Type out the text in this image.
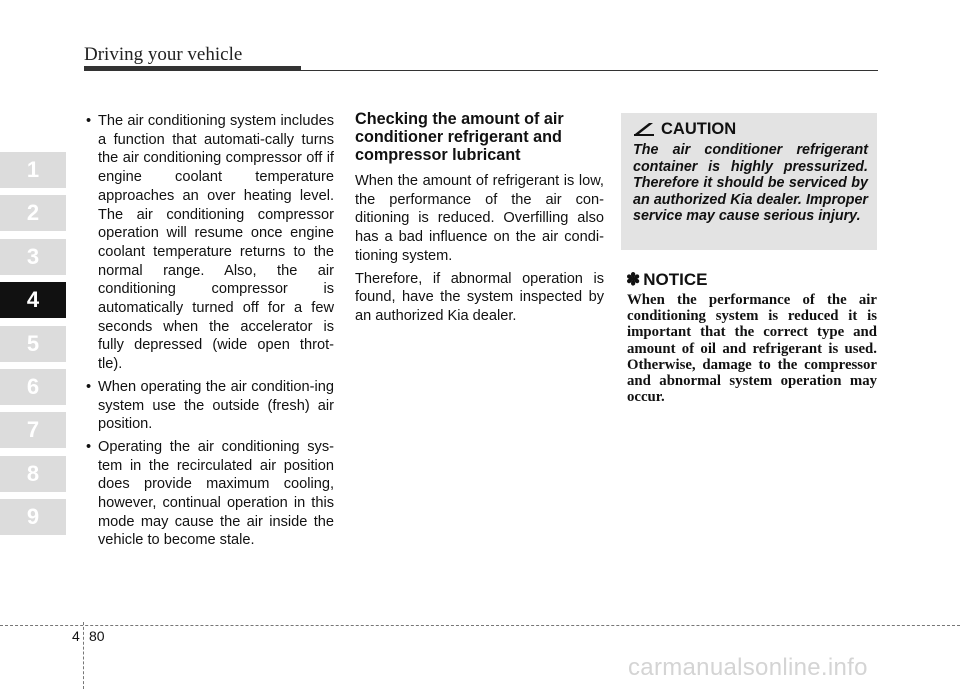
Driving your vehicle
1
2
3
4
5
6
7
8
9
• The air conditioning system includes a function that automati-cally turns the air conditioning compressor off if engine coolant temperature approaches an over heating level. The air conditioning compressor operation will resume once engine coolant temperature returns to the normal range. Also, the air conditioning compressor is automatically turned off for a few seconds when the accelerator is fully depressed (wide open throt-tle).
• When operating the air condition-ing system use the outside (fresh) air position.
• Operating the air conditioning sys-tem in the recirculated air position does provide maximum cooling, however, continual operation in this mode may cause the air inside the vehicle to become stale.
Checking the amount of air conditioner refrigerant and compressor lubricant

When the amount of refrigerant is low, the performance of the air con-ditioning is reduced. Overfilling also has a bad influence on the air condi-tioning system.

Therefore, if abnormal operation is found, have the system inspected by an authorized Kia dealer.

CAUTION
The air conditioner refrigerant container is highly pressurized. Therefore it should be serviced by an authorized Kia dealer. Improper service may cause serious injury.
✽ NOTICE
When the performance of the air conditioning system is reduced it is important that the correct type and amount of oil and refrigerant is used. Otherwise, damage to the compressor and abnormal system operation may occur.
4 80
carmanualsonline.info
